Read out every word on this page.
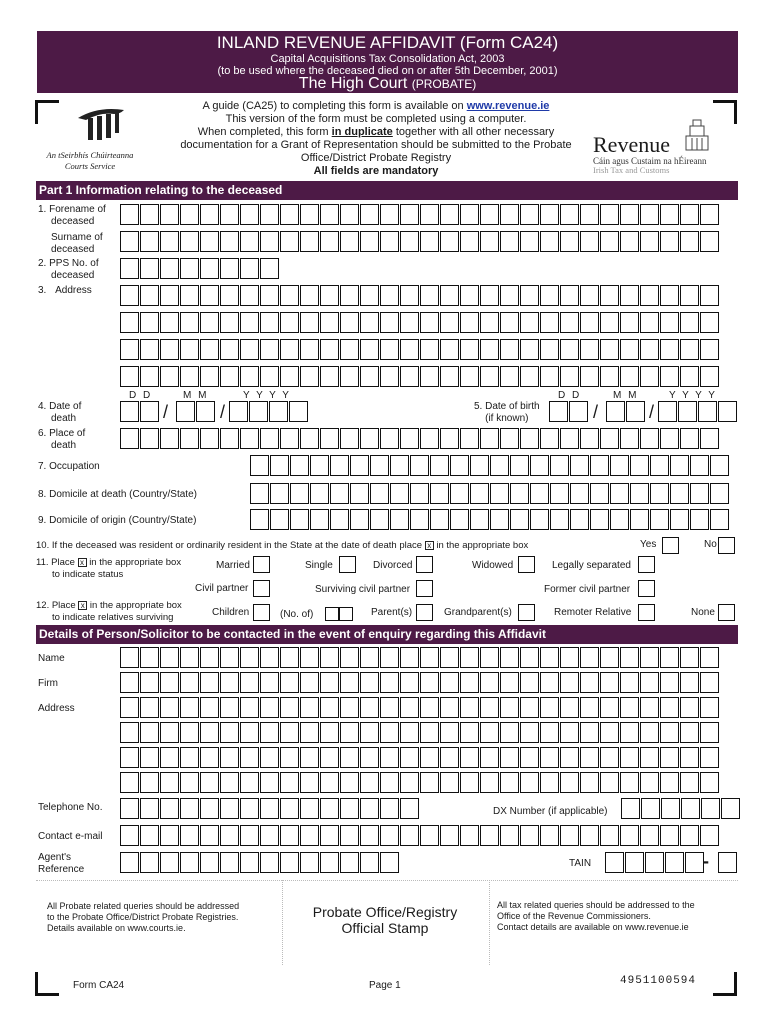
INLAND REVENUE AFFIDAVIT (Form CA24)
Capital Acquisitions Tax Consolidation Act, 2003
(to be used where the deceased died on or after 5th December, 2001)
The High Court (PROBATE)
An tSeirbhís Chúirteanna
Courts Service
Revenue
Cáin agus Custaim na hÉireann
Irish Tax and Customs
A guide (CA25) to completing this form is available on www.revenue.ie
This version of the form must be completed using a computer.
When completed, this form in duplicate together with all other necessary
documentation for a Grant of Representation should be submitted to the Probate
Office/District Probate Registry
All fields are mandatory
Part 1 Information relating to the deceased
1. Forename of
deceased
Surname of
deceased
2. PPS No. of
deceased
3. Address
D D	M M	Y Y Y Y	D D	M M	Y Y Y Y
4. Date of
death	/	/	5. Date of birth
(if known)	/	/
6. Place of
death
7. Occupation
8. Domicile at death (Country/State)
9. Domicile of origin (Country/State)
10. If the deceased was resident or ordinarily resident in the State at the date of death place x in the appropriate box	Yes	No
11. Place x in the appropriate box
to indicate status
Married	Single	Divorced	Widowed	Legally separated
Civil partner	Surviving civil partner	Former civil partner
12. Place x in the appropriate box
to indicate relatives surviving	Children	(No. of)	Parent(s)	Grandparent(s)	Remoter Relative	None
Details of Person/Solicitor to be contacted in the event of enquiry regarding this Affidavit
Name
Firm
Address
Telephone No.	DX Number (if applicable)
Contact e-mail
Agent's
Reference	TAIN	-
All Probate related queries should be addressed
to the Probate Office/District Probate Registries.
Details available on www.courts.ie.
Probate Office/Registry
Official Stamp
All tax related queries should be addressed to the
Office of the Revenue Commissioners.
Contact details are available on www.revenue.ie
Form CA24	Page 1	4951100594
